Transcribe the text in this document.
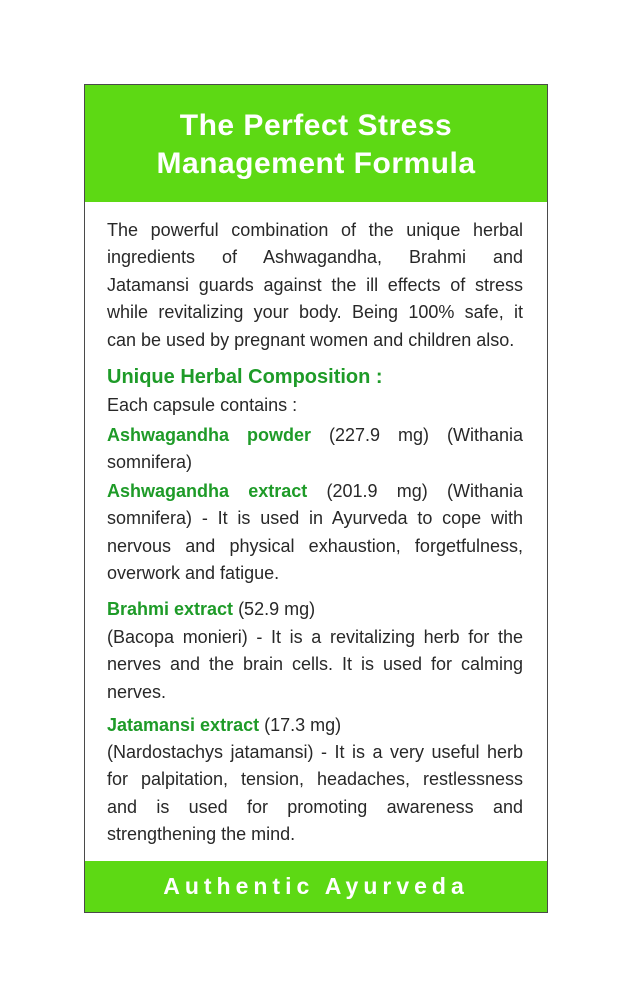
The Perfect Stress
Management Formula
The powerful combination of the unique herbal
ingredients of Ashwagandha, Brahmi and
Jatamansi guards against the ill effects of stress
while revitalizing your body. Being 100% safe, it
can be used by pregnant women and children also.
Unique Herbal Composition :
Each capsule contains :
Ashwagandha powder (227.9 mg) (Withania
somnifera)
Ashwagandha extract (201.9 mg) (Withania
somnifera) - It is used in Ayurveda to cope with
nervous and physical exhaustion, forgetfulness,
overwork and fatigue.
Brahmi extract (52.9 mg)
(Bacopa monieri) - It is a revitalizing herb for the
nerves and the brain cells. It is used for calming
nerves.
Jatamansi extract (17.3 mg)
(Nardostachys jatamansi) - It is a very useful herb
for palpitation, tension, headaches, restlessness
and is used for promoting awareness and
strengthening the mind.
Authentic Ayurveda
